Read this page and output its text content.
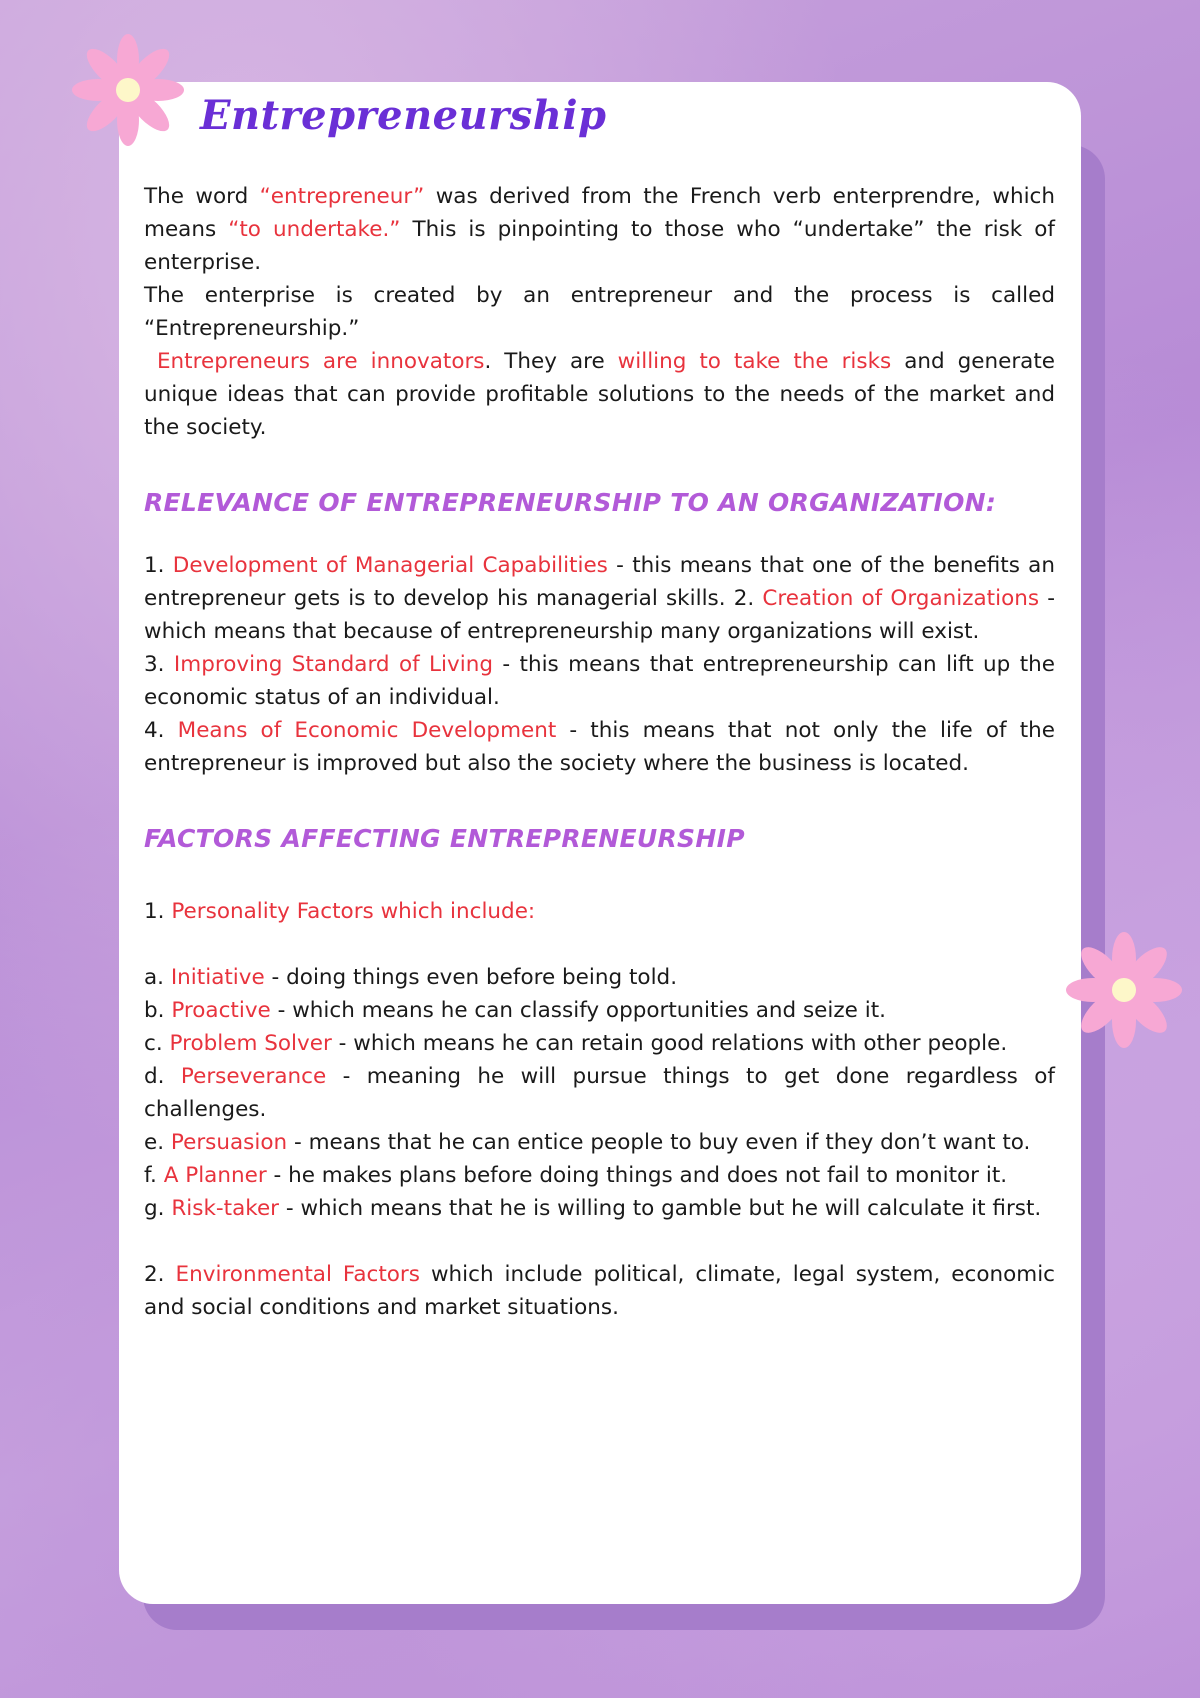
Entrepreneurship

The word “entrepreneur” was derived from the French verb enterprendre, which means “to undertake.” This is pinpointing to those who “undertake” the risk of enterprise.

The enterprise is created by an entrepreneur and the process is called “Entrepreneurship.”

Entrepreneurs are innovators. They are willing to take the risks and generate unique ideas that can provide profitable solutions to the needs of the market and the society.

RELEVANCE OF ENTREPRENEURSHIP TO AN ORGANIZATION:

1. Development of Managerial Capabilities - this means that one of the benefits an entrepreneur gets is to develop his managerial skills. 2. Creation of Organizations - which means that because of entrepreneurship many organizations will exist.

3. Improving Standard of Living - this means that entrepreneurship can lift up the economic status of an individual.

4. Means of Economic Development - this means that not only the life of the entrepreneur is improved but also the society where the business is located.

FACTORS AFFECTING ENTREPRENEURSHIP

1. Personality Factors which include:

a. Initiative - doing things even before being told.

b. Proactive - which means he can classify opportunities and seize it.

c. Problem Solver - which means he can retain good relations with other people.

d. Perseverance - meaning he will pursue things to get done regardless of challenges.

e. Persuasion - means that he can entice people to buy even if they don’t want to.

f. A Planner - he makes plans before doing things and does not fail to monitor it.

g. Risk-taker - which means that he is willing to gamble but he will calculate it first.

2. Environmental Factors which include political, climate, legal system, economic and social conditions and market situations.
